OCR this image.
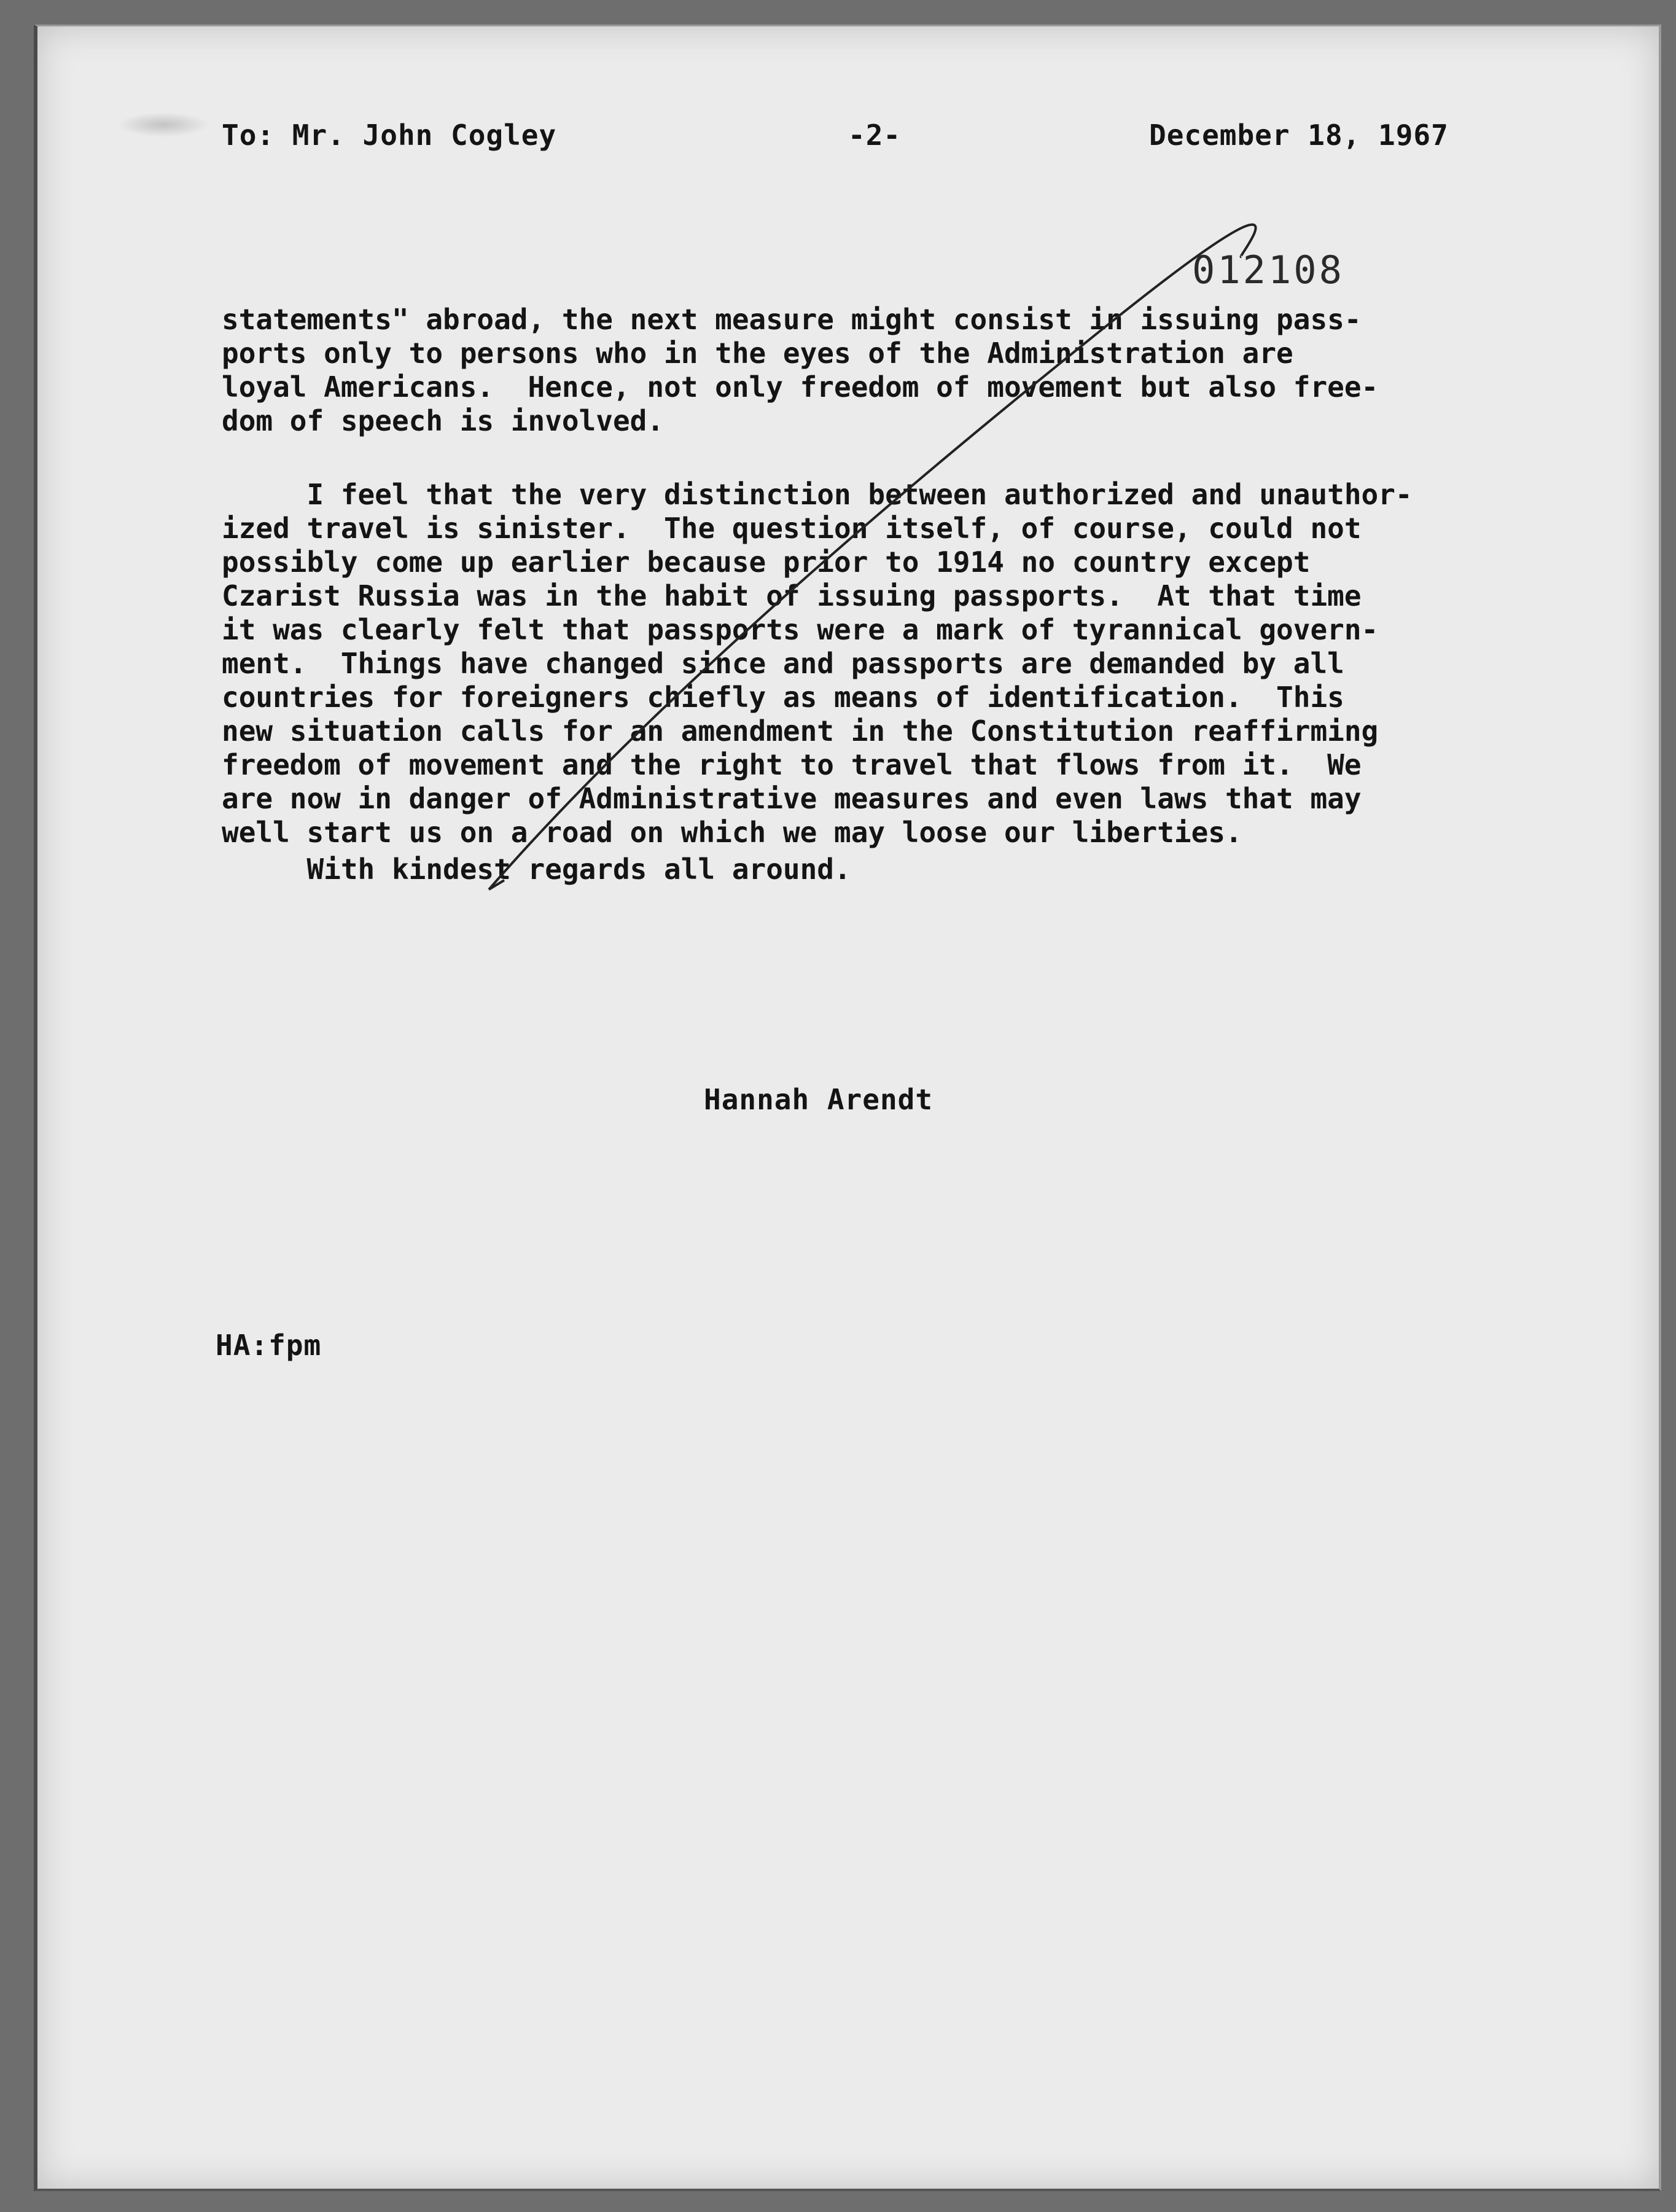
To: Mr. John Cogley	-2-	December 18, 1967
012108
statements" abroad, the next measure might consist in issuing pass-
ports only to persons who in the eyes of the Administration are
loyal Americans.  Hence, not only freedom of movement but also free-
dom of speech is involved.
I feel that the very distinction between authorized and unauthor-
ized travel is sinister.  The question itself, of course, could not
possibly come up earlier because prior to 1914 no country except
Czarist Russia was in the habit of issuing passports.  At that time
it was clearly felt that passports were a mark of tyrannical govern-
ment.  Things have changed since and passports are demanded by all
countries for foreigners chiefly as means of identification.  This
new situation calls for an amendment in the Constitution reaffirming
freedom of movement and the right to travel that flows from it.  We
are now in danger of Administrative measures and even laws that may
well start us on a road on which we may loose our liberties.
With kindest regards all around.
Hannah Arendt
HA:fpm
